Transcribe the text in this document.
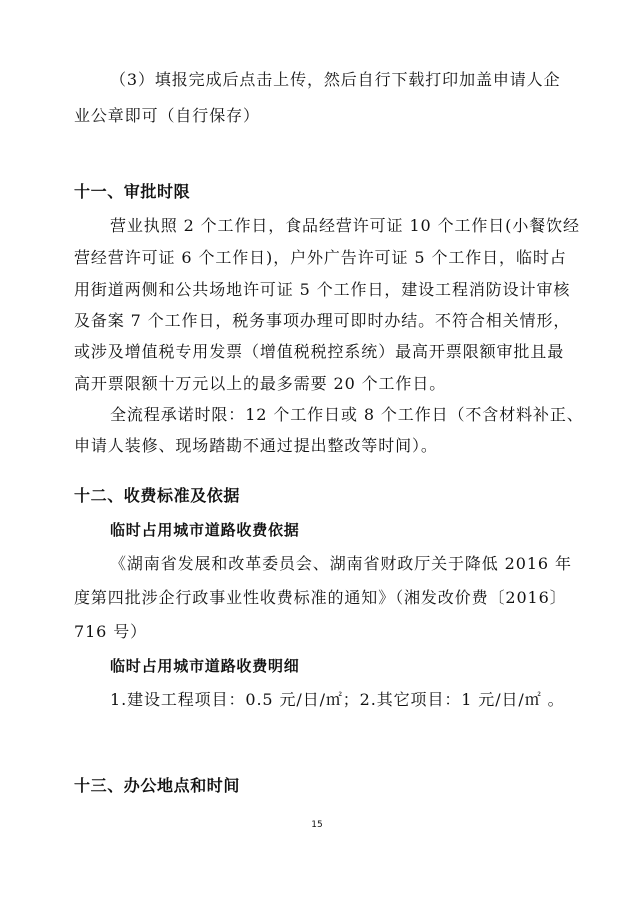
（3）填报完成后点击上传，然后自行下载打印加盖申请人企
业公章即可（自行保存）
十一、审批时限
营业执照 2 个工作日，食品经营许可证 10 个工作日(小餐饮经
营经营许可证 6 个工作日)，户外广告许可证 5 个工作日，临时占
用街道两侧和公共场地许可证 5 个工作日，建设工程消防设计审核
及备案 7 个工作日，税务事项办理可即时办结。不符合相关情形，
或涉及增值税专用发票（增值税税控系统）最高开票限额审批且最
高开票限额十万元以上的最多需要 20 个工作日。
全流程承诺时限：12 个工作日或 8 个工作日（不含材料补正、
申请人装修、现场踏勘不通过提出整改等时间）。
十二、收费标准及依据
临时占用城市道路收费依据
《湖南省发展和改革委员会、湖南省财政厅关于降低 2016 年
度第四批涉企行政事业性收费标准的通知》（湘发改价费〔2016〕
716 号）
临时占用城市道路收费明细
1.建设工程项目：0.5 元/日/㎡；2.其它项目：1 元/日/㎡ 。
十三、办公地点和时间
15
